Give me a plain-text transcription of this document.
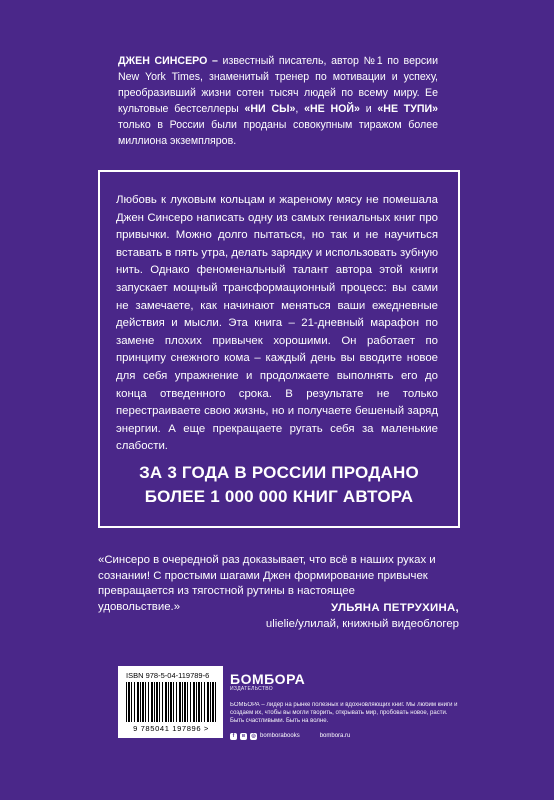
ДЖЕН СИНСЕРО – известный писатель, автор №1 по версии New York Times, знаменитый тренер по мотивации и успеху, преобразивший жизни сотен тысяч людей по всему миру. Ее культовые бестселлеры «НИ СЫ», «НЕ НОЙ» и «НЕ ТУПИ» только в России были проданы совокупным тиражом более миллиона экземпляров.
Любовь к луковым кольцам и жареному мясу не помешала Джен Синсеро написать одну из самых гениальных книг про привычки. Можно долго пытаться, но так и не научиться вставать в пять утра, делать зарядку и использовать зубную нить. Однако феноменальный талант автора этой книги запускает мощный трансформационный процесс: вы сами не замечаете, как начинают меняться ваши ежедневные действия и мысли. Эта книга – 21-дневный марафон по замене плохих привычек хорошими. Он работает по принципу снежного кома – каждый день вы вводите новое для себя упражнение и продолжаете выполнять его до конца отведенного срока. В результате не только перестраиваете свою жизнь, но и получаете бешеный заряд энергии. А еще прекращаете ругать себя за маленькие слабости.
ЗА 3 ГОДА В РОССИИ ПРОДАНО
БОЛЕЕ 1 000 000 КНИГ АВТОРА
«Синсеро в очередной раз доказывает, что всё в наших руках и сознании! С простыми шагами Джен формирование привычек превращается из тягостной рутины в настоящее удовольствие.»	УЛЬЯНА ПЕТРУХИНА,
ulielie/улилай, книжный видеоблогер
ISBN 978-5-04-119789-6
9 785041 197896 >
БОМБОРА
ИЗДАТЕЛЬСТВО
БОМБОРА – лидер на рынке полезных и вдохновляющих книг. Мы любим книги и создаем их, чтобы вы могли творить, открывать мир, пробовать новое, расти. Быть счастливыми. Быть на волне.
f	в	◎ bomborabooks	bombora.ru
